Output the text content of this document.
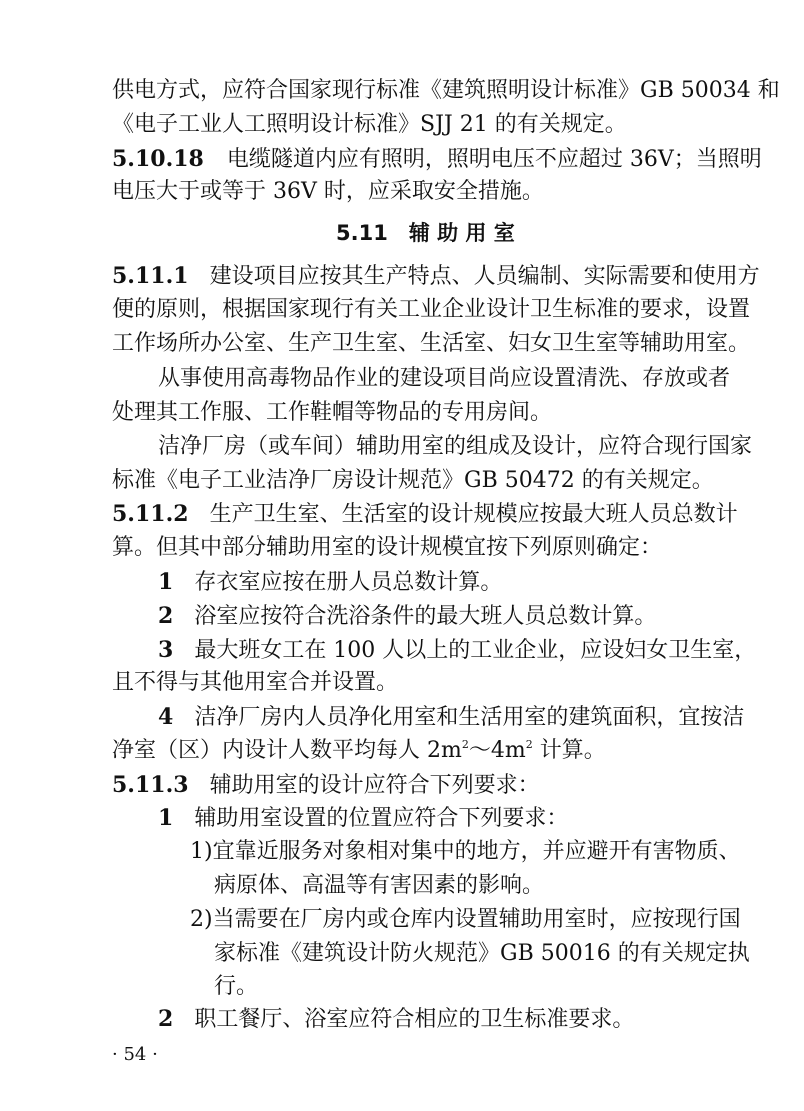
供电方式，应符合国家现行标准《建筑照明设计标准》GB 50034 和
《电子工业人工照明设计标准》SJJ 21 的有关规定。
5.10.18 电缆隧道内应有照明，照明电压不应超过 36V；当照明
电压大于或等于 36V 时，应采取安全措施。
5.11　辅 助 用 室
5.11.1 建设项目应按其生产特点、人员编制、实际需要和使用方
便的原则，根据国家现行有关工业企业设计卫生标准的要求，设置
工作场所办公室、生产卫生室、生活室、妇女卫生室等辅助用室。
从事使用高毒物品作业的建设项目尚应设置清洗、存放或者
处理其工作服、工作鞋帽等物品的专用房间。
洁净厂房（或车间）辅助用室的组成及设计，应符合现行国家
标准《电子工业洁净厂房设计规范》GB 50472 的有关规定。
5.11.2 生产卫生室、生活室的设计规模应按最大班人员总数计
算。但其中部分辅助用室的设计规模宜按下列原则确定：
1 存衣室应按在册人员总数计算。
2 浴室应按符合洗浴条件的最大班人员总数计算。
3 最大班女工在 100 人以上的工业企业，应设妇女卫生室，
且不得与其他用室合并设置。
4 洁净厂房内人员净化用室和生活用室的建筑面积，宜按洁
净室（区）内设计人数平均每人 $2m^2\sim 4m^2$ 计算。
5.11.3 辅助用室的设计应符合下列要求：
1 辅助用室设置的位置应符合下列要求：
1)宜靠近服务对象相对集中的地方，并应避开有害物质、
病原体、高温等有害因素的影响。
2)当需要在厂房内或仓库内设置辅助用室时，应按现行国
家标准《建筑设计防火规范》GB 50016 的有关规定执
行。
2 职工餐厅、浴室应符合相应的卫生标准要求。
· 54 ·
